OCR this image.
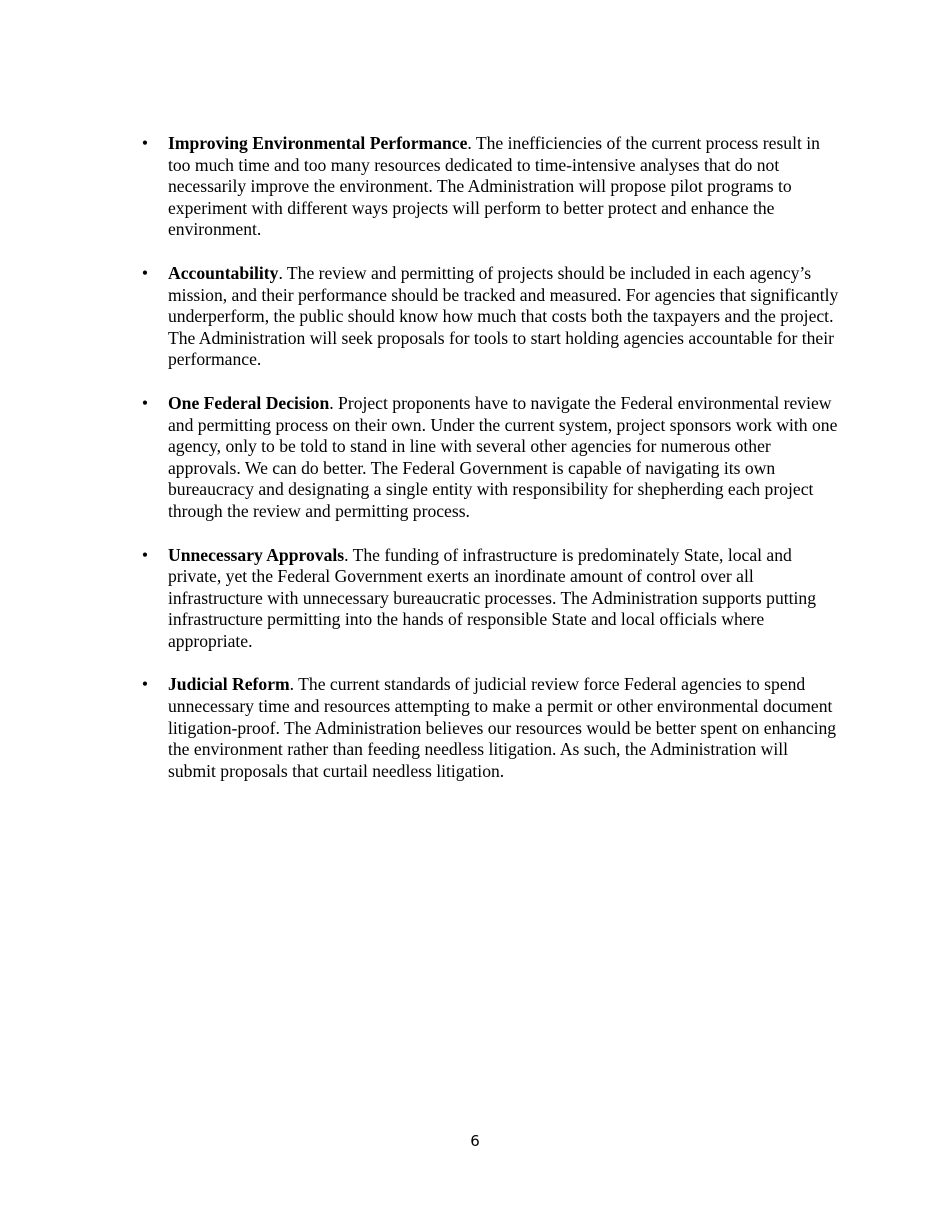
• Improving Environmental Performance. The inefficiencies of the current process result in too much time and too many resources dedicated to time-intensive analyses that do not necessarily improve the environment. The Administration will propose pilot programs to experiment with different ways projects will perform to better protect and enhance the environment.
• Accountability. The review and permitting of projects should be included in each agency’s mission, and their performance should be tracked and measured. For agencies that significantly underperform, the public should know how much that costs both the taxpayers and the project. The Administration will seek proposals for tools to start holding agencies accountable for their performance.
• One Federal Decision. Project proponents have to navigate the Federal environmental review and permitting process on their own. Under the current system, project sponsors work with one agency, only to be told to stand in line with several other agencies for numerous other approvals. We can do better. The Federal Government is capable of navigating its own bureaucracy and designating a single entity with responsibility for shepherding each project through the review and permitting process.
• Unnecessary Approvals. The funding of infrastructure is predominately State, local and private, yet the Federal Government exerts an inordinate amount of control over all infrastructure with unnecessary bureaucratic processes. The Administration supports putting infrastructure permitting into the hands of responsible State and local officials where appropriate.
• Judicial Reform. The current standards of judicial review force Federal agencies to spend unnecessary time and resources attempting to make a permit or other environmental document litigation-proof. The Administration believes our resources would be better spent on enhancing the environment rather than feeding needless litigation. As such, the Administration will submit proposals that curtail needless litigation.
6
